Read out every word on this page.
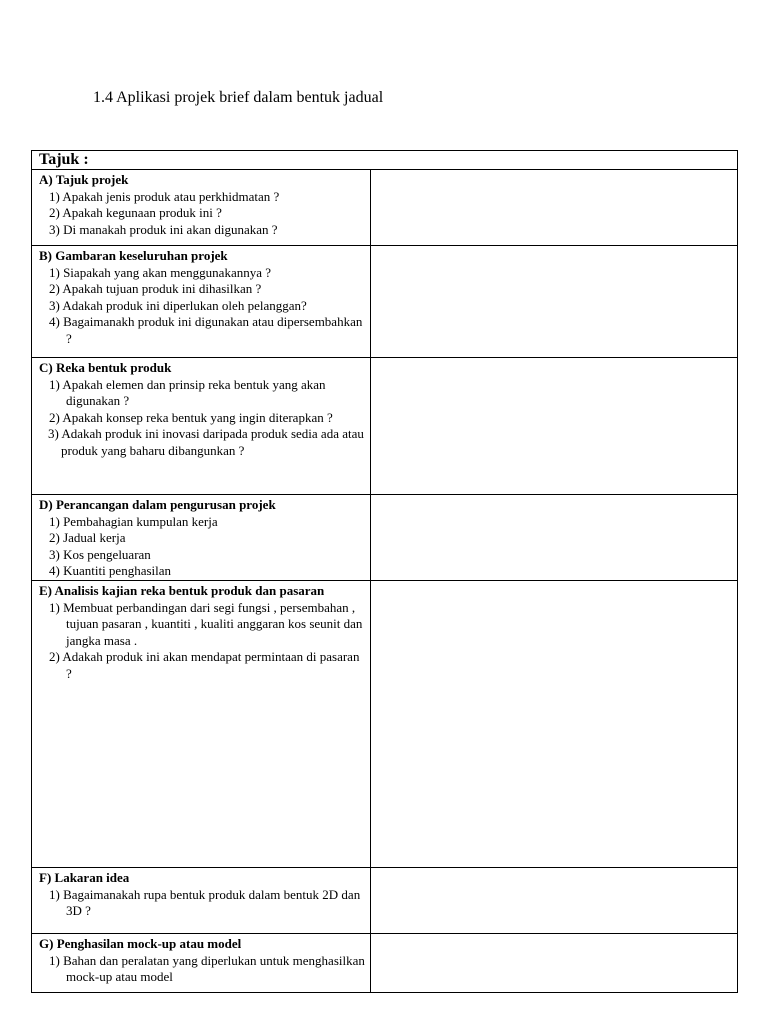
1.4 Aplikasi projek brief dalam bentuk jadual
Tajuk :	

A) Tajuk projek
1) Apakah jenis produk atau perkhidmatan ?
2) Apakah kegunaan produk ini ?
3) Di manakah produk ini akan digunakan ?	

B) Gambaran keseluruhan projek
1) Siapakah yang akan menggunakannya ?
2) Apakah tujuan produk ini dihasilkan ?
3) Adakah produk ini diperlukan oleh pelanggan?
4) Bagaimanakh produk ini digunakan atau dipersembahkan ?	

C) Reka bentuk produk
1) Apakah elemen dan prinsip reka bentuk yang akan digunakan ?
2) Apakah konsep reka bentuk yang ingin diterapkan ?
3) Adakah produk ini inovasi daripada produk sedia ada atau produk yang baharu dibangunkan ?	

D) Perancangan dalam pengurusan projek
1) Pembahagian kumpulan kerja
2) Jadual kerja
3) Kos pengeluaran
4) Kuantiti penghasilan	

E) Analisis kajian reka bentuk produk dan pasaran
1) Membuat perbandingan dari segi fungsi , persembahan , tujuan pasaran , kuantiti , kualiti anggaran kos seunit dan jangka masa .
2) Adakah produk ini akan mendapat permintaan di pasaran ?	

F) Lakaran idea
1) Bagaimanakah rupa bentuk produk dalam bentuk 2D dan 3D ?	

G) Penghasilan mock-up atau model
1) Bahan dan peralatan yang diperlukan untuk menghasilkan mock-up atau model	
